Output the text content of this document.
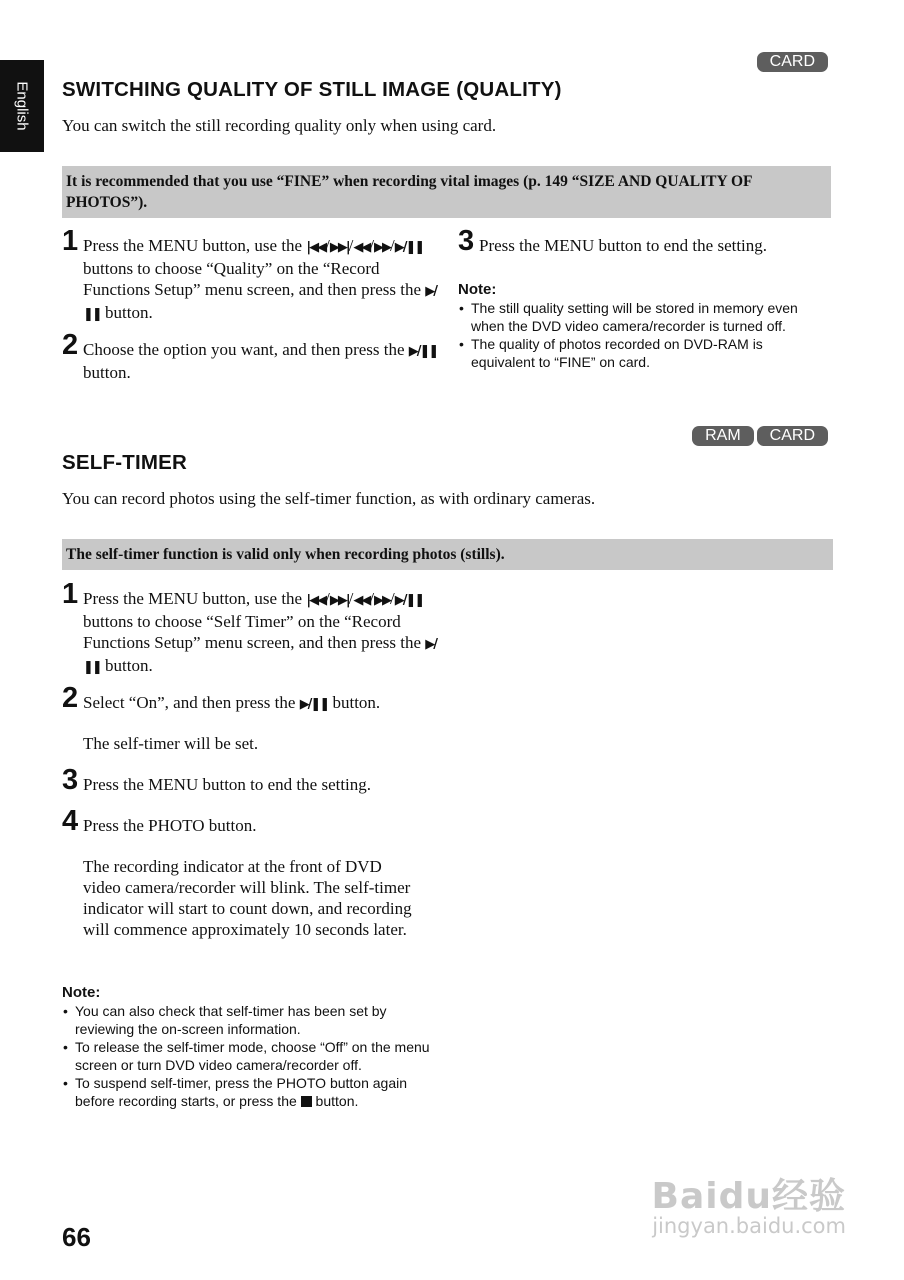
English
CARD
SWITCHING QUALITY OF STILL IMAGE (QUALITY)

You can switch the still recording quality only when using card.

It is recommended that you use “FINE” when recording vital images (p. 149 “SIZE AND QUALITY OF PHOTOS”).
1 Press the MENU button, use the |◀◀/▶▶|/◀◀/▶▶/▶/❚❚ buttons to choose “Quality” on the “Record Functions Setup” menu screen, and then press the ▶/❚❚ button.

2 Choose the option you want, and then press the ▶/❚❚ button.

3 Press the MENU button to end the setting.

Note:
• The still quality setting will be stored in memory even when the DVD video camera/recorder is turned off.
• The quality of photos recorded on DVD-RAM is equivalent to “FINE” on card.
RAM	CARD
SELF-TIMER

You can record photos using the self-timer function, as with ordinary cameras.

The self-timer function is valid only when recording photos (stills).
1 Press the MENU button, use the |◀◀/▶▶|/◀◀/▶▶/▶/❚❚ buttons to choose “Self Timer” on the “Record Functions Setup” menu screen, and then press the ▶/❚❚ button.

2 Select “On”, and then press the ▶/❚❚ button.

The self-timer will be set.
3 Press the MENU button to end the setting.

4 Press the PHOTO button.

The recording indicator at the front of DVD video camera/recorder will blink. The self-timer indicator will start to count down, and recording will commence approximately 10 seconds later.
Note:
• You can also check that self-timer has been set by reviewing the on-screen information.
• To release the self-timer mode, choose “Off” on the menu screen or turn DVD video camera/recorder off.
• To suspend self-timer, press the PHOTO button again before recording starts, or press the  button.
66
Baidu经验
jingyan.baidu.com
